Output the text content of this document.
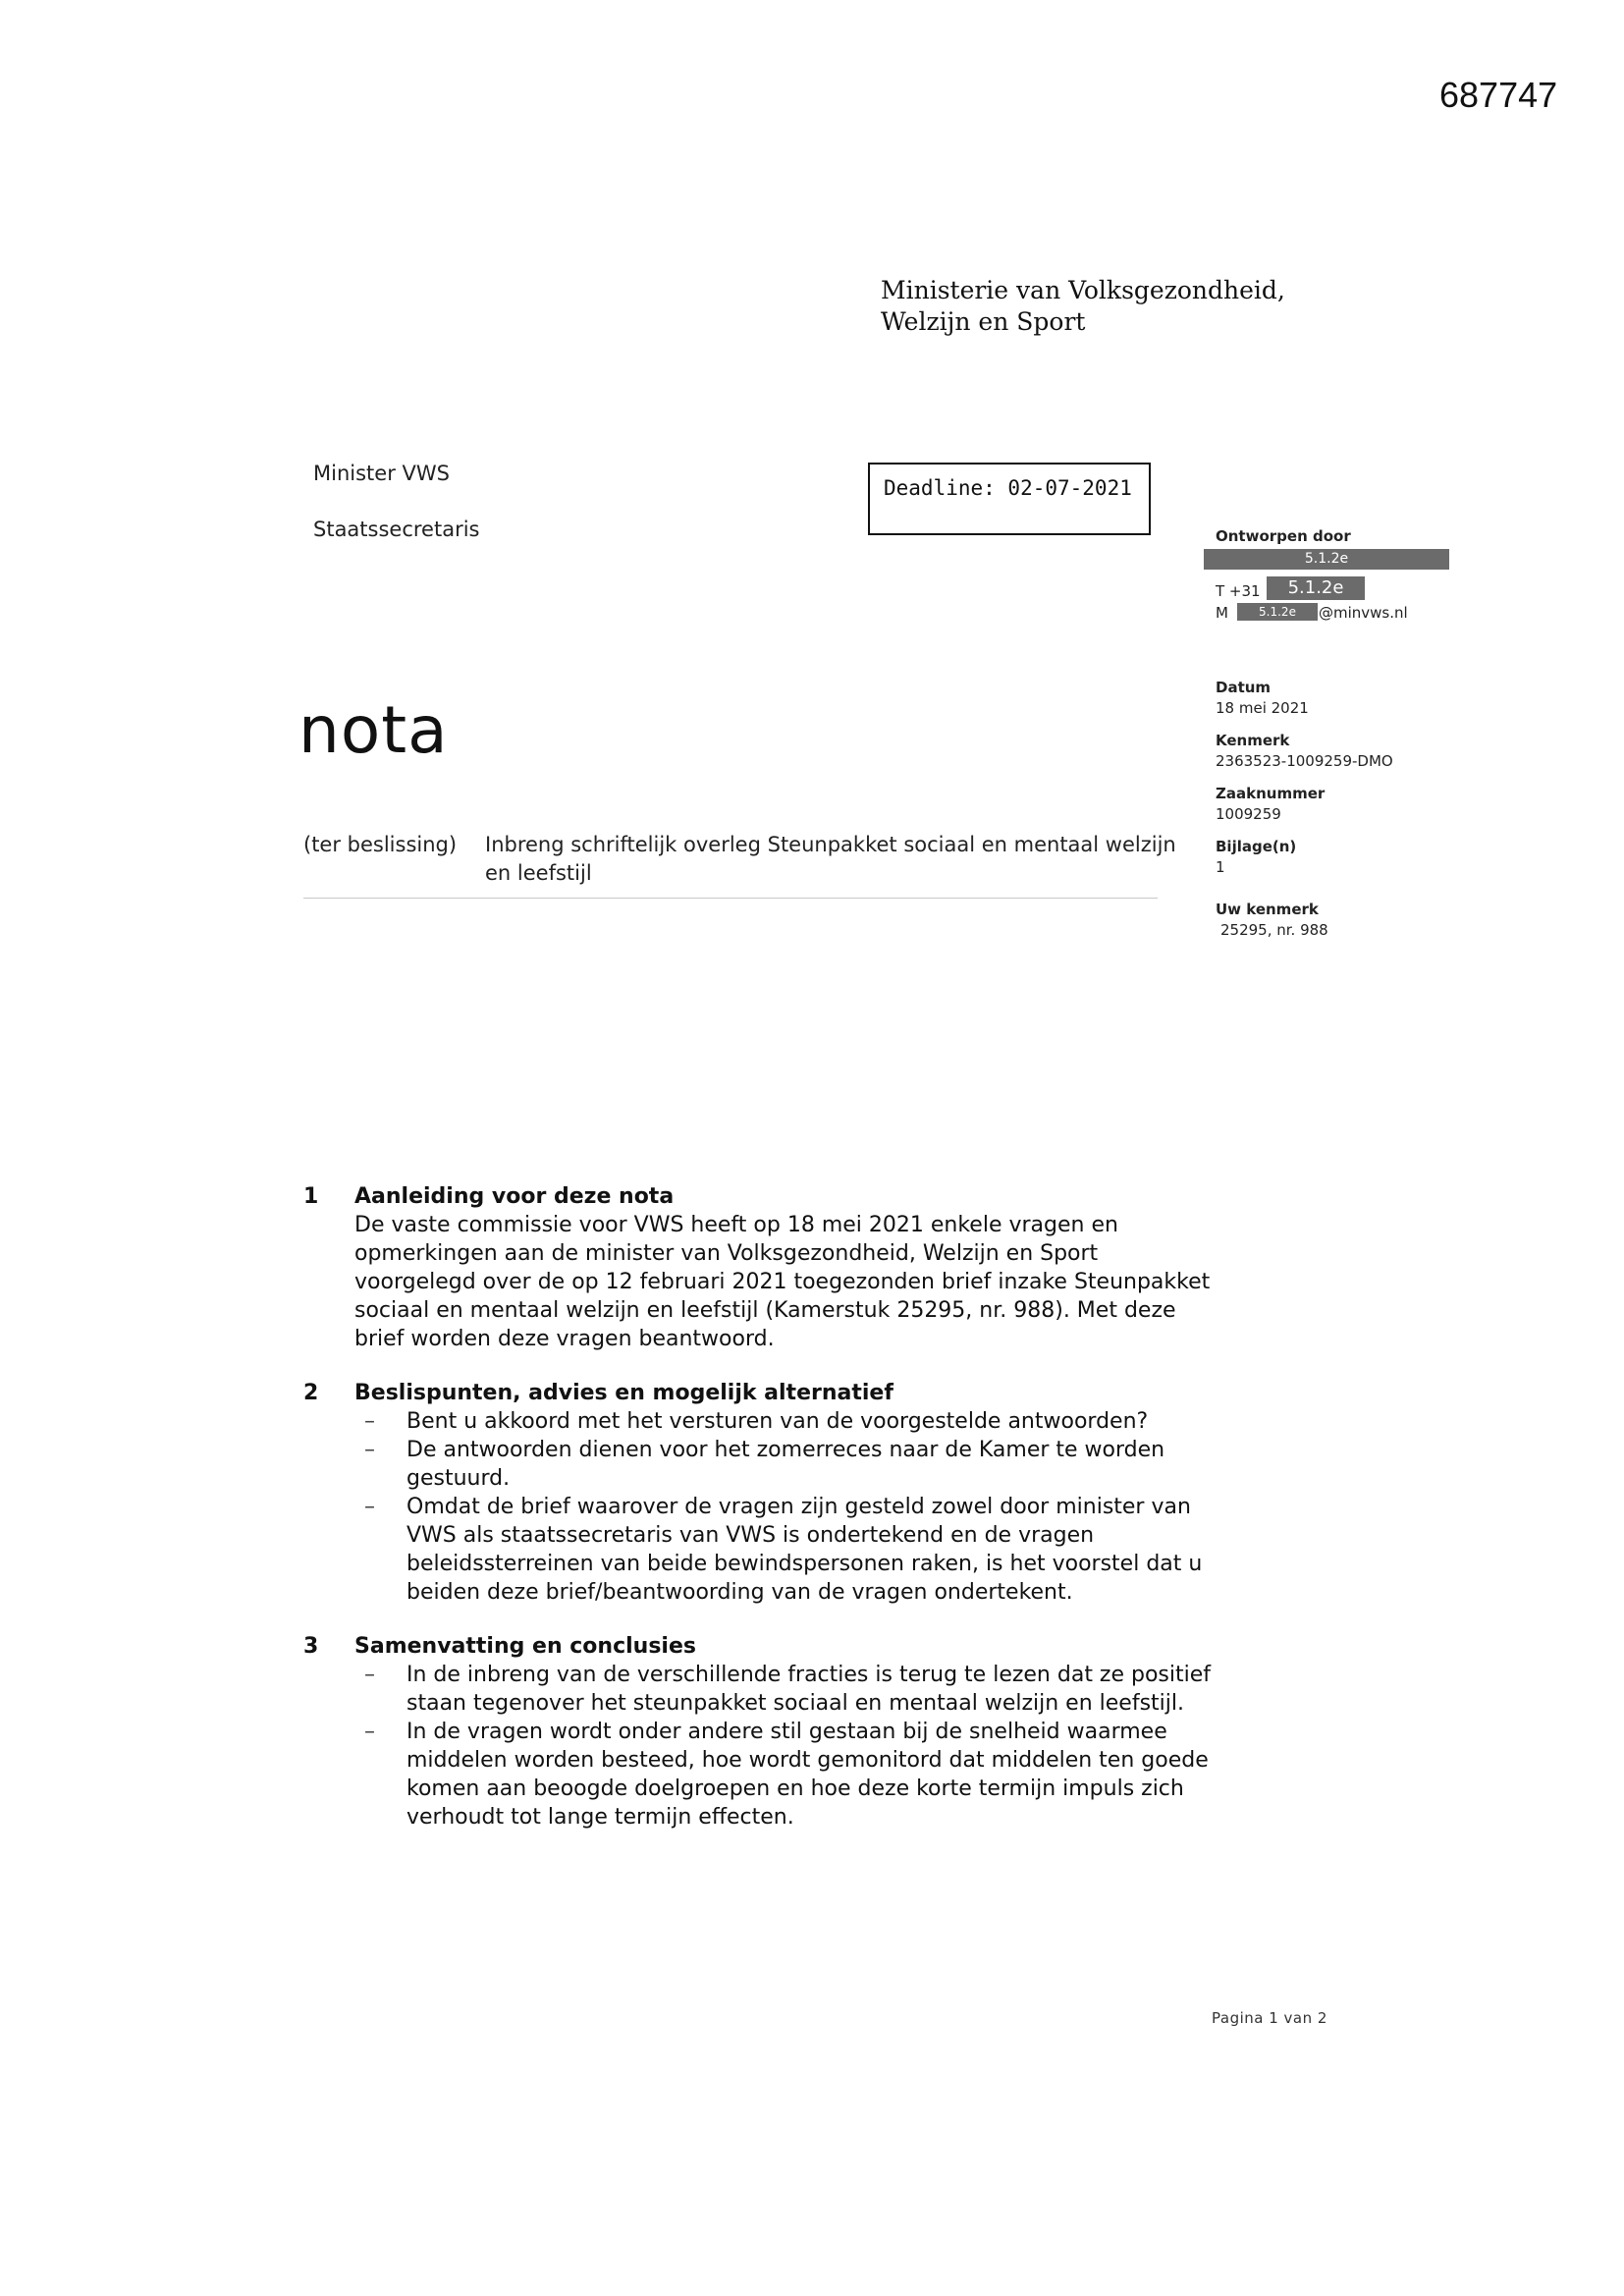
687747
Ministerie van Volksgezondheid,
Welzijn en Sport
Minister VWS
Staatssecretaris
Deadline: 02-07-2021
nota
(ter beslissing) Inbreng schriftelijk overleg Steunpakket sociaal en mentaal welzijn en leefstijl
Ontworpen door
5.1.2e
T +31	5.1.2e
M	5.1.2e	@minvws.nl
Datum
18 mei 2021
Kenmerk
2363523-1009259-DMO
Zaaknummer
1009259
Bijlage(n)
1
Uw kenmerk
25295, nr. 988
1 Aanleiding voor deze nota
De vaste commissie voor VWS heeft op 18 mei 2021 enkele vragen en opmerkingen aan de minister van Volksgezondheid, Welzijn en Sport voorgelegd over de op 12 februari 2021 toegezonden brief inzake Steunpakket sociaal en mentaal welzijn en leefstijl (Kamerstuk 25295, nr. 988). Met deze brief worden deze vragen beantwoord.
2 Beslispunten, advies en mogelijk alternatief
– Bent u akkoord met het versturen van de voorgestelde antwoorden?
– De antwoorden dienen voor het zomerreces naar de Kamer te worden gestuurd.
– Omdat de brief waarover de vragen zijn gesteld zowel door minister van VWS als staatssecretaris van VWS is ondertekend en de vragen beleidssterreinen van beide bewindspersonen raken, is het voorstel dat u beiden deze brief/beantwoording van de vragen ondertekent.
3 Samenvatting en conclusies
– In de inbreng van de verschillende fracties is terug te lezen dat ze positief staan tegenover het steunpakket sociaal en mentaal welzijn en leefstijl.
– In de vragen wordt onder andere stil gestaan bij de snelheid waarmee middelen worden besteed, hoe wordt gemonitord dat middelen ten goede komen aan beoogde doelgroepen en hoe deze korte termijn impuls zich verhoudt tot lange termijn effecten.
Pagina 1 van 2
